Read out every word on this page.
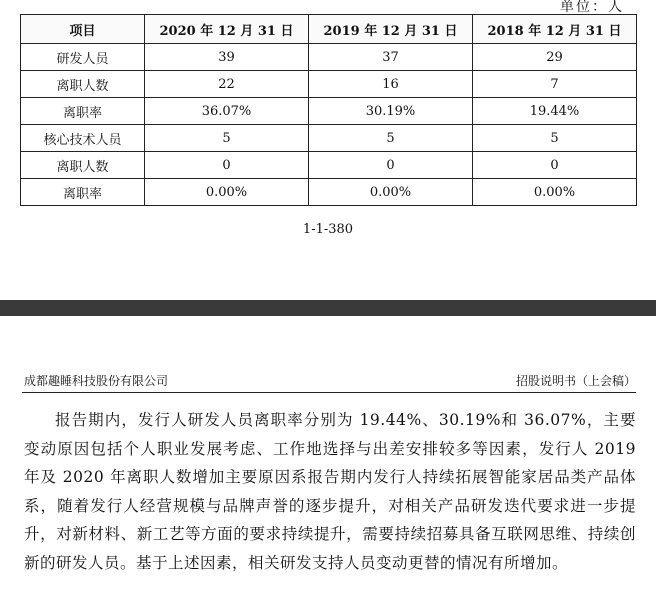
单位：人
项目	2020 年 12 月 31 日	2019 年 12 月 31 日	2018 年 12 月 31 日
研发人员	39	37	29
离职人数	22	16	7
离职率	36.07%	30.19%	19.44%
核心技术人员	5	5	5
离职人数	0	0	0
离职率	0.00%	0.00%	0.00%
1-1-380
成都趣睡科技股份有限公司	招股说明书（上会稿）

报告期内，发行人研发人员离职率分别为 19.44%、30.19%和 36.07%，主要变动原因包括个人职业发展考虑、工作地选择与出差安排较多等因素，发行人 2019 年及 2020 年离职人数增加主要原因系报告期内发行人持续拓展智能家居品类产品体系，随着发行人经营规模与品牌声誉的逐步提升，对相关产品研发迭代要求进一步提升，对新材料、新工艺等方面的要求持续提升，需要持续招募具备互联网思维、持续创新的研发人员。基于上述因素，相关研发支持人员变动更替的情况有所增加。
